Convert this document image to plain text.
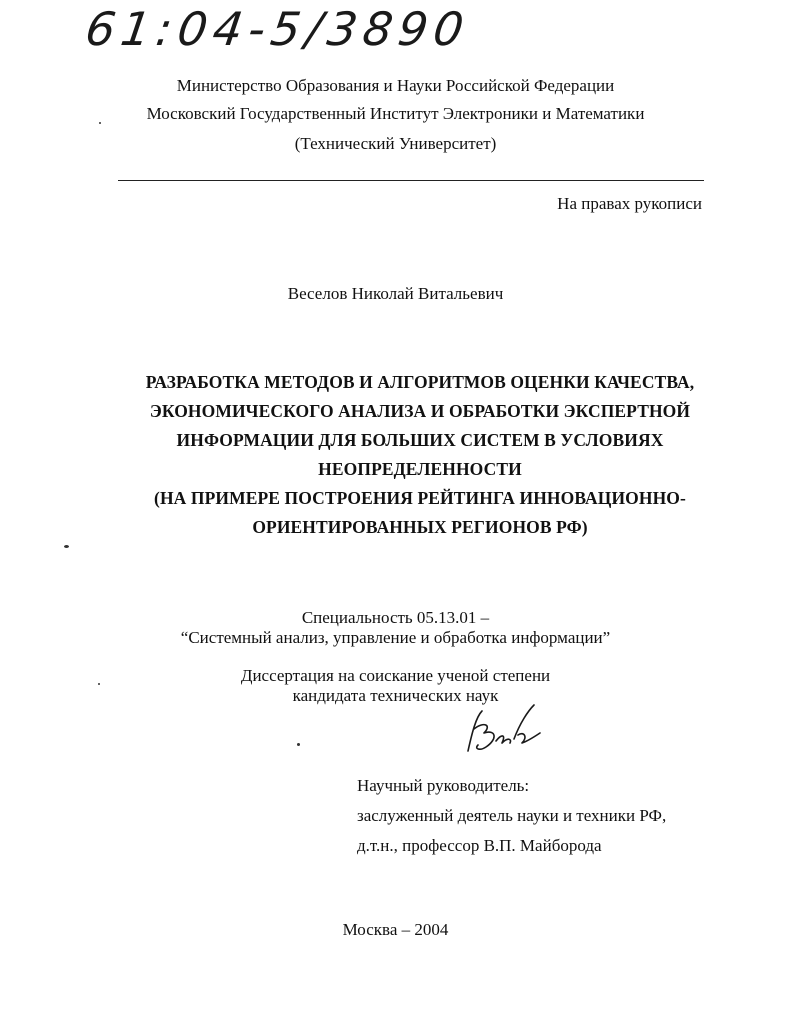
61:04-5/3890
Министерство Образования и Науки Российской Федерации
Московский Государственный Институт Электроники и Математики
(Технический Университет)
На правах рукописи
Веселов Николай Витальевич
РАЗРАБОТКА МЕТОДОВ И АЛГОРИТМОВ ОЦЕНКИ КАЧЕСТВА,
ЭКОНОМИЧЕСКОГО АНАЛИЗА И ОБРАБОТКИ ЭКСПЕРТНОЙ
ИНФОРМАЦИИ ДЛЯ БОЛЬШИХ СИСТЕМ В УСЛОВИЯХ
НЕОПРЕДЕЛЕННОСТИ
(НА ПРИМЕРЕ ПОСТРОЕНИЯ РЕЙТИНГА ИННОВАЦИОННО-
ОРИЕНТИРОВАННЫХ РЕГИОНОВ РФ)
Специальность 05.13.01 –
“Системный анализ, управление и обработка информации”
Диссертация на соискание ученой степени
кандидата технических наук
Научный руководитель:
заслуженный деятель науки и техники РФ,
д.т.н., профессор В.П. Майборода
Москва – 2004
